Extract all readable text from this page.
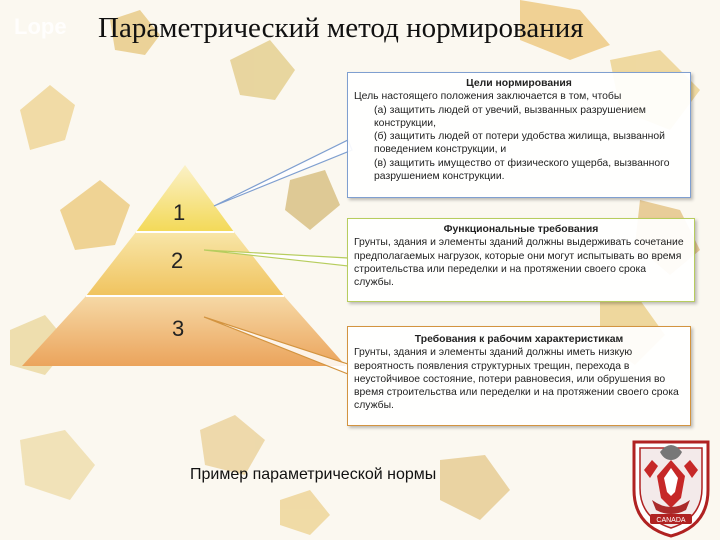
Lope Параметрический метод нормирования
1
2
3
Цели нормирования

Цель настоящего положения заключается в том, чтобы

(а) защитить людей от увечий, вызванных разрушением конструкции,

(б) защитить людей от потери удобства жилища, вызванной поведением конструкции, и

(в) защитить имущество от физического ущерба, вызванного разрушением конструкции.

Функциональные требования

Грунты, здания и элементы зданий должны выдерживать сочетание предполагаемых нагрузок, которые они могут испытывать во время строительства или переделки и на протяжении своего срока службы.

Требования к рабочим характеристикам

Грунты, здания и элементы зданий должны иметь низкую вероятность появления структурных трещин, перехода в неустойчивое состояние, потери равновесия, или обрушения во время строительства или переделки и на протяжении своего срока службы.

Пример параметрической нормы
CANADA
